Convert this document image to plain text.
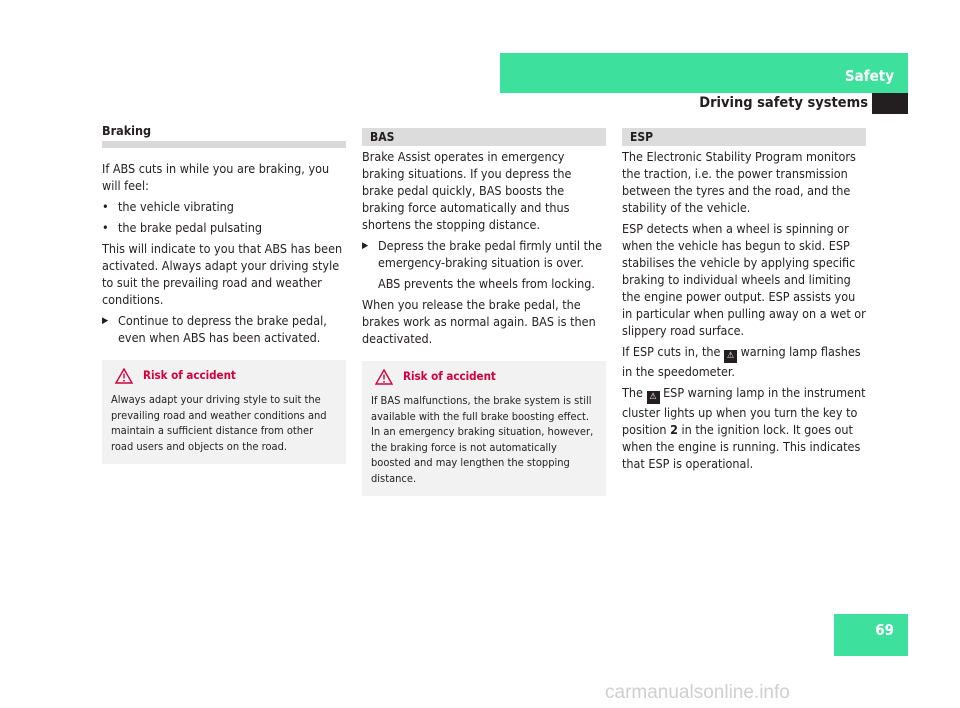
Safety
Driving safety systems
Braking

If ABS cuts in while you are braking, you will feel:

• the vehicle vibrating
• the brake pedal pulsating

This will indicate to you that ABS has been activated. Always adapt your driving style to suit the prevailing road and weather conditions.

▶ Continue to depress the brake pedal, even when ABS has been activated.
Risk of accident
Always adapt your driving style to suit the prevailing road and weather conditions and maintain a sufficient distance from other road users and objects on the road.
BAS

Brake Assist operates in emergency braking situations. If you depress the brake pedal quickly, BAS boosts the braking force automatically and thus shortens the stopping distance.

▶ Depress the brake pedal firmly until the emergency-braking situation is over.

ABS prevents the wheels from locking.

When you release the brake pedal, the brakes work as normal again. BAS is then deactivated.

Risk of accident
If BAS malfunctions, the brake system is still available with the full brake boosting effect. In an emergency braking situation, however, the braking force is not automatically boosted and may lengthen the stopping distance.
ESP

The Electronic Stability Program monitors the traction, i.e. the power transmission between the tyres and the road, and the stability of the vehicle.

ESP detects when a wheel is spinning or when the vehicle has begun to skid. ESP stabilises the vehicle by applying specific braking to individual wheels and limiting the engine power output. ESP assists you in particular when pulling away on a wet or slippery road surface.

If ESP cuts in, the ⚠ warning lamp flashes in the speedometer.

The ⚠ ESP warning lamp in the instrument cluster lights up when you turn the key to position 2 in the ignition lock. It goes out when the engine is running. This indicates that ESP is operational.

69
carmanualsonline.info
